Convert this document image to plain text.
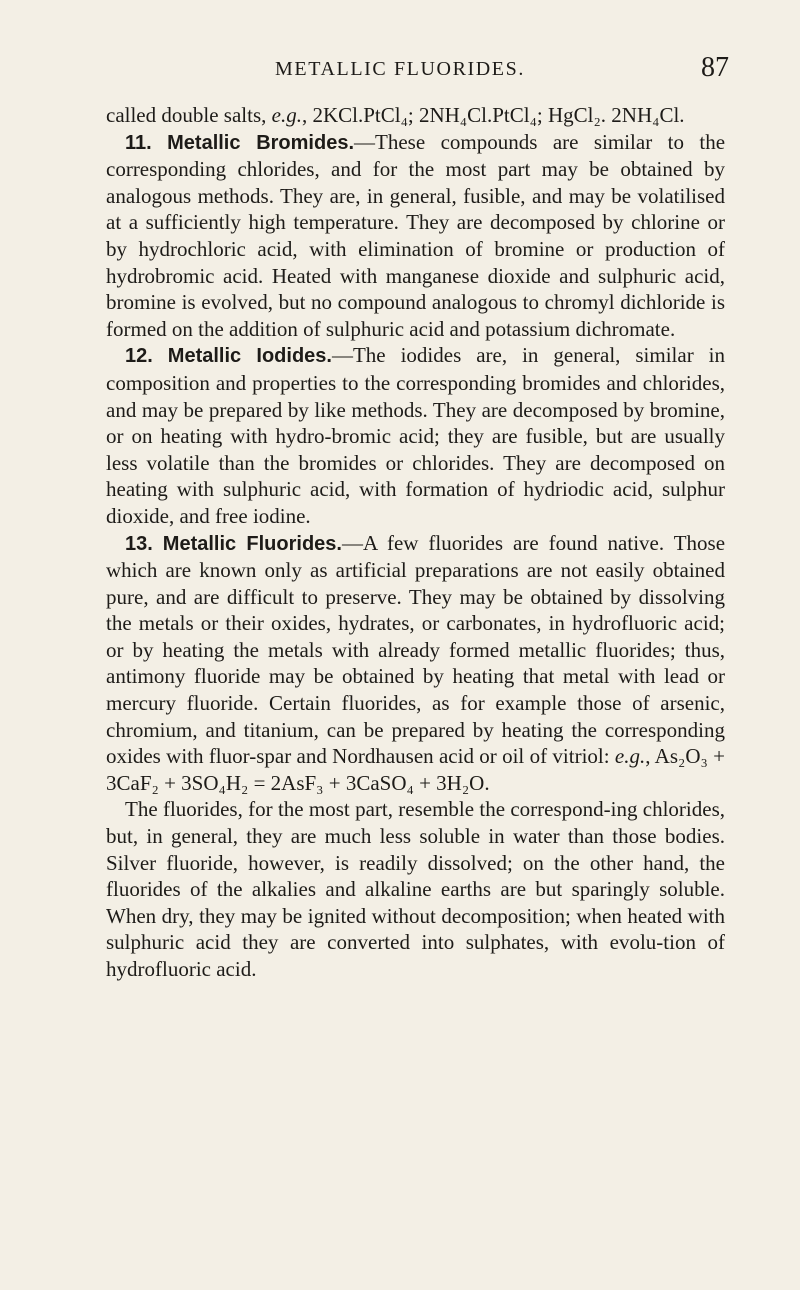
METALLIC FLUORIDES.	87

called double salts, e.g., 2KCl.PtCl₄; 2NH₄Cl.PtCl₄; HgCl₂. 2NH₄Cl.

11. Metallic Bromides.—These compounds are similar to the corresponding chlorides, and for the most part may be obtained by analogous methods. They are, in general, fusible, and may be volatilised at a sufficiently high temperature. They are decomposed by chlorine or by hydrochloric acid, with elimination of bromine or production of hydrobromic acid. Heated with manganese dioxide and sulphuric acid, bromine is evolved, but no compound analogous to chromyl dichloride is formed on the addition of sulphuric acid and potassium dichromate.

12. Metallic Iodides.—The iodides are, in general, similar in composition and properties to the corresponding bromides and chlorides, and may be prepared by like methods. They are decomposed by bromine, or on heating with hydro-bromic acid; they are fusible, but are usually less volatile than the bromides or chlorides. They are decomposed on heating with sulphuric acid, with formation of hydriodic acid, sulphur dioxide, and free iodine.

13. Metallic Fluorides.—A few fluorides are found native. Those which are known only as artificial preparations are not easily obtained pure, and are difficult to preserve. They may be obtained by dissolving the metals or their oxides, hydrates, or carbonates, in hydrofluoric acid; or by heating the metals with already formed metallic fluorides; thus, antimony fluoride may be obtained by heating that metal with lead or mercury fluoride. Certain fluorides, as for example those of arsenic, chromium, and titanium, can be prepared by heating the corresponding oxides with fluor-spar and Nordhausen acid or oil of vitriol: e.g., As₂O₃ + 3CaF₂ + 3SO₄H₂ = 2AsF₃ + 3CaSO₄ + 3H₂O.

The fluorides, for the most part, resemble the correspond-ing chlorides, but, in general, they are much less soluble in water than those bodies. Silver fluoride, however, is readily dissolved; on the other hand, the fluorides of the alkalies and alkaline earths are but sparingly soluble. When dry, they may be ignited without decomposition; when heated with sulphuric acid they are converted into sulphates, with evolu-tion of hydrofluoric acid.
